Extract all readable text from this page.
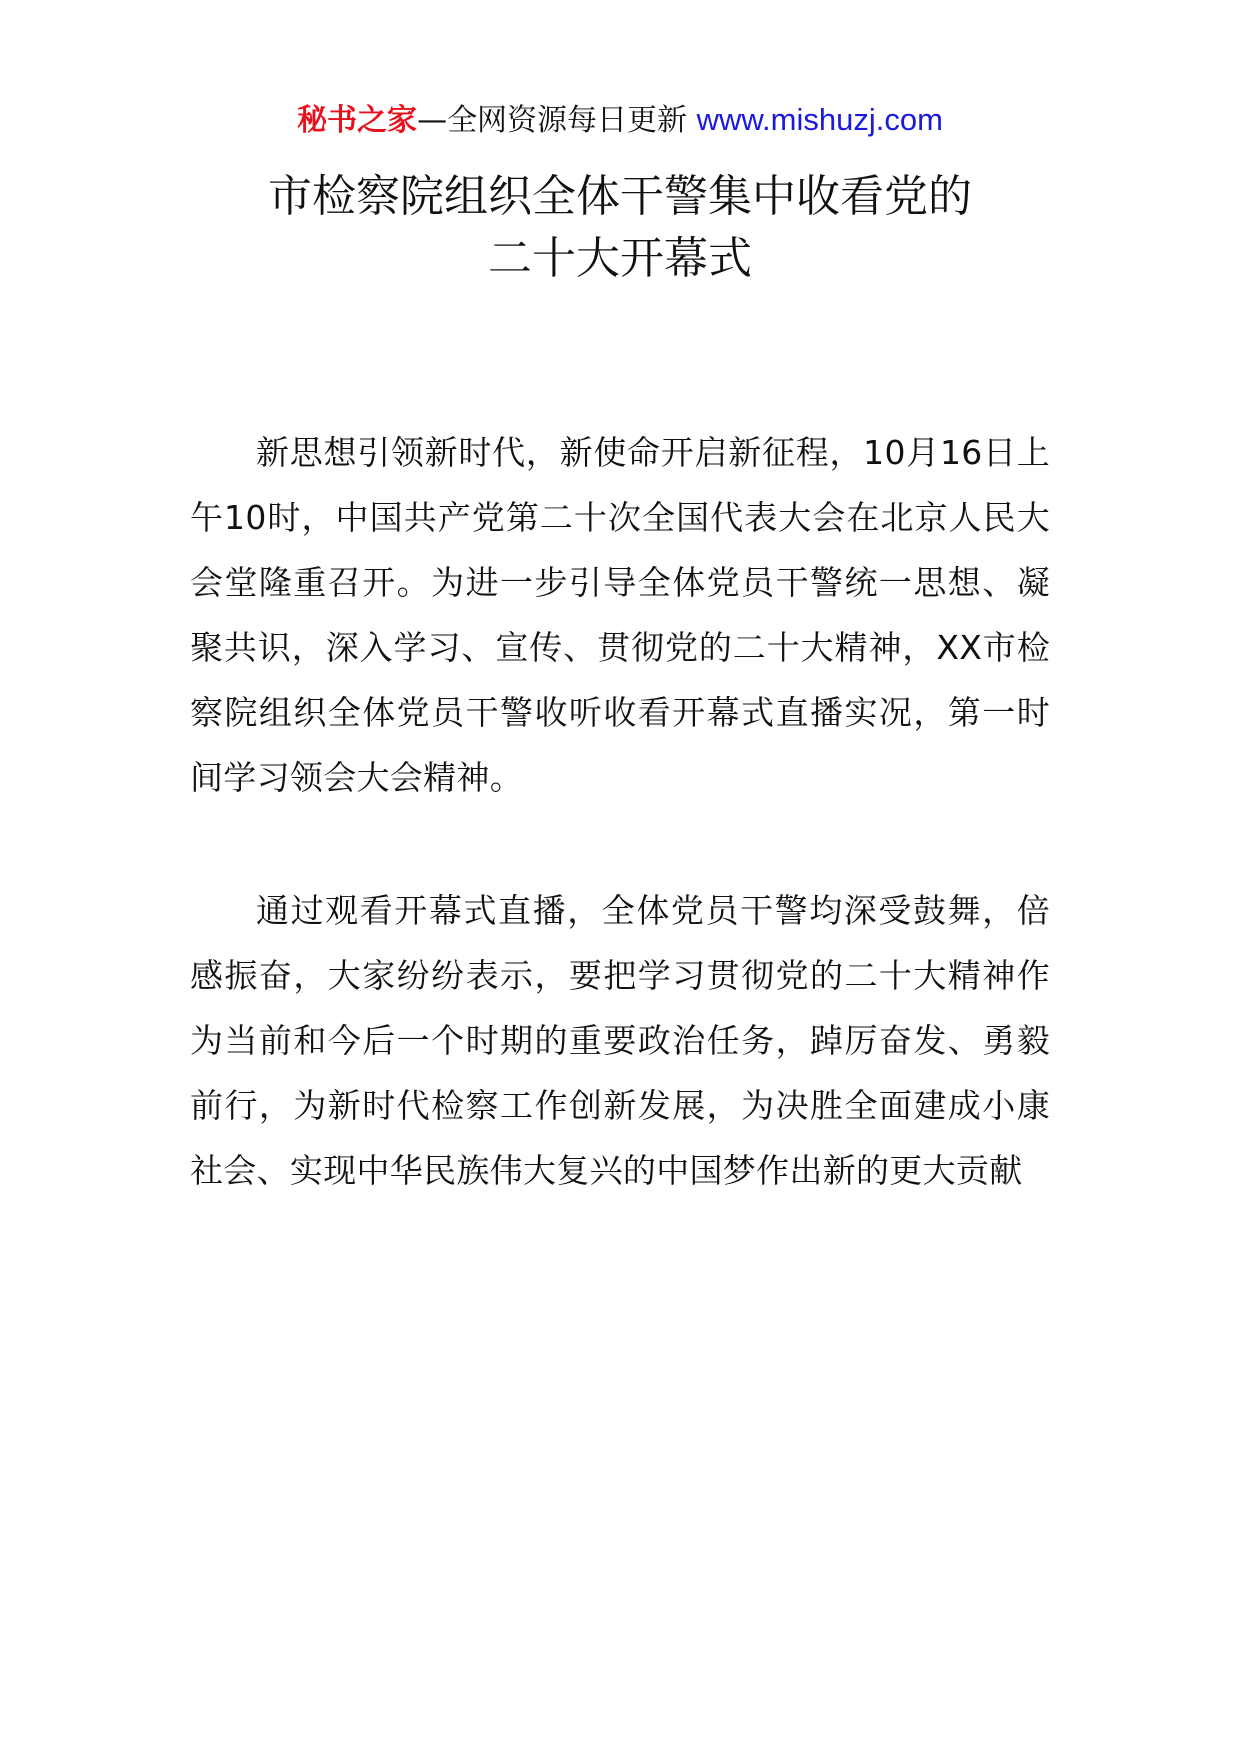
秘书之家—全网资源每日更新 www.mishuzj.com
市检察院组织全体干警集中收看党的
二十大开幕式

新思想引领新时代，新使命开启新征程，10月16日上午10时，中国共产党第二十次全国代表大会在北京人民大会堂隆重召开。为进一步引导全体党员干警统一思想、凝聚共识，深入学习、宣传、贯彻党的二十大精神，XX市检察院组织全体党员干警收听收看开幕式直播实况，第一时间学习领会大会精神。

通过观看开幕式直播，全体党员干警均深受鼓舞，倍感振奋，大家纷纷表示，要把学习贯彻党的二十大精神作为当前和今后一个时期的重要政治任务，踔厉奋发、勇毅前行，为新时代检察工作创新发展，为决胜全面建成小康社会、实现中华民族伟大复兴的中国梦作出新的更大贡献
